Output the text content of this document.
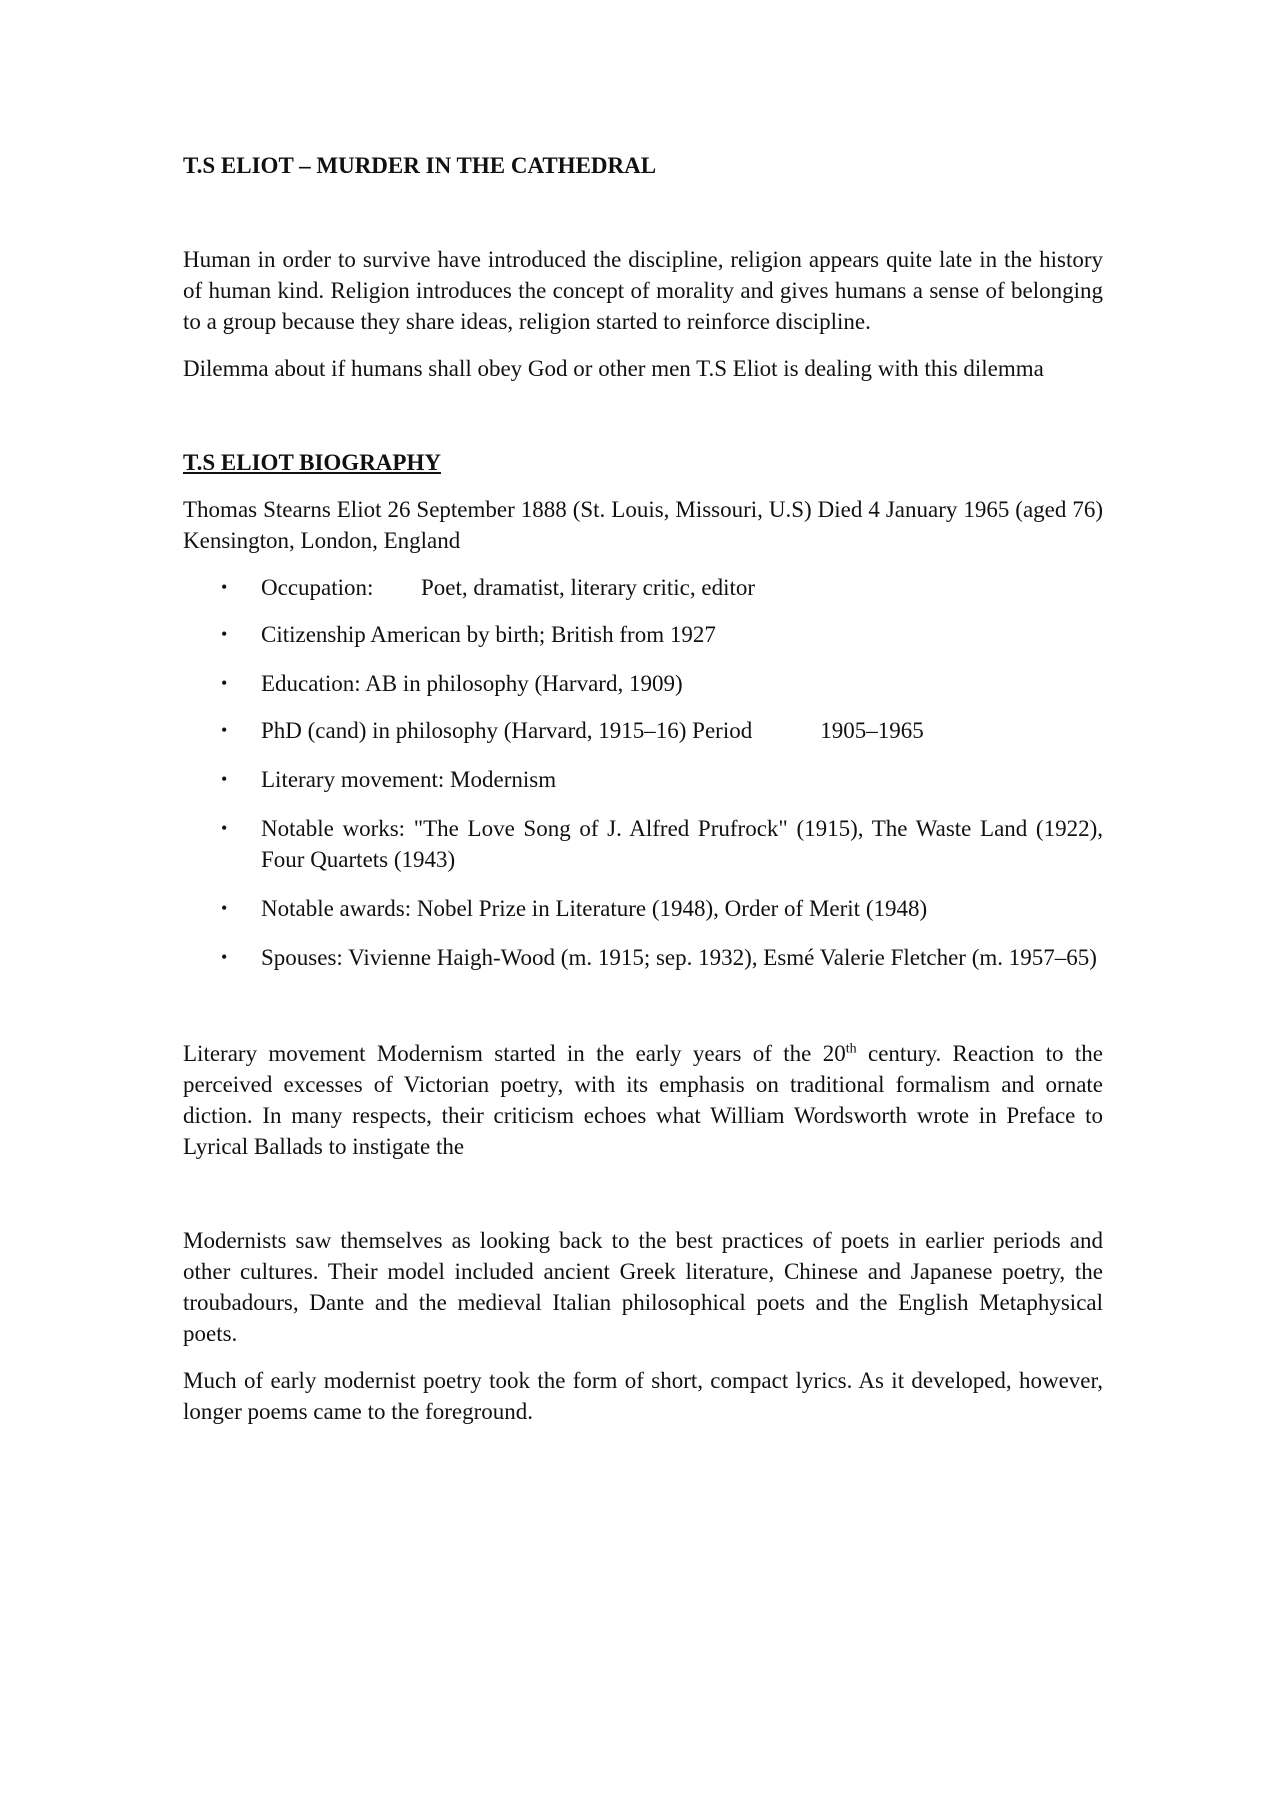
T.S ELIOT – MURDER IN THE CATHEDRAL

Human in order to survive have introduced the discipline, religion appears quite late in the history of human kind. Religion introduces the concept of morality and gives humans a sense of belonging to a group because they share ideas, religion started to reinforce discipline.

Dilemma about if humans shall obey God or other men T.S Eliot is dealing with this dilemma

T.S ELIOT BIOGRAPHY

Thomas Stearns Eliot 26 September 1888 (St. Louis, Missouri, U.S) Died 4 January 1965 (aged 76) Kensington, London, England

• Occupation: Poet, dramatist, literary critic, editor
• Citizenship American by birth; British from 1927
• Education: AB in philosophy (Harvard, 1909)
• PhD (cand) in philosophy (Harvard, 1915–16) Period	1905–1965
• Literary movement: Modernism
• Notable works: "The Love Song of J. Alfred Prufrock" (1915), The Waste Land (1922), Four Quartets (1943)
• Notable awards: Nobel Prize in Literature (1948), Order of Merit (1948)
• Spouses: Vivienne Haigh-Wood (m. 1915; sep. 1932), Esmé Valerie Fletcher (m. 1957–65)

Literary movement Modernism started in the early years of the 20th century. Reaction to the perceived excesses of Victorian poetry, with its emphasis on traditional formalism and ornate diction. In many respects, their criticism echoes what William Wordsworth wrote in Preface to Lyrical Ballads to instigate the

Modernists saw themselves as looking back to the best practices of poets in earlier periods and other cultures. Their model included ancient Greek literature, Chinese and Japanese poetry, the troubadours, Dante and the medieval Italian philosophical poets and the English Metaphysical poets.

Much of early modernist poetry took the form of short, compact lyrics. As it developed, however, longer poems came to the foreground.
